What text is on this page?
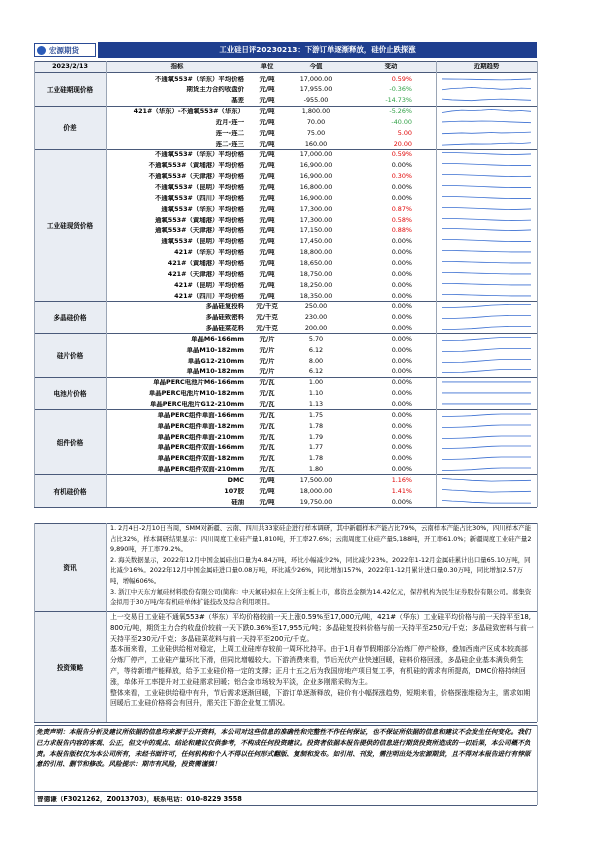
宏源期货	工业硅日评20230213：下游订单逐渐释放，硅价止跌探涨
2023/2/13	指标	单位	今值	变动	近期趋势
工业硅期现价格
不通氧553#（华东）平均价格	元/吨	17,000.00	0.59%
期货主力合约收盘价	元/吨	17,955.00	-0.36%
基差	元/吨	-955.00	-14.73%
价差
421#（华东）-不通氧553#（华东）	元/吨	1,800.00	-5.26%
近月-连一	元/吨	70.00	-40.00
连一-连二	元/吨	75.00	5.00
连二-连三	元/吨	160.00	20.00
工业硅现货价格
不通氧553#（华东）平均价格	元/吨	17,000.00	0.59%
不通氧553#（黄埔港）平均价格	元/吨	16,900.00	0.00%
不通氧553#（天津港）平均价格	元/吨	16,900.00	0.30%
不通氧553#（昆明）平均价格	元/吨	16,800.00	0.00%
不通氧553#（四川）平均价格	元/吨	16,900.00	0.00%
通氧553#（华东）平均价格	元/吨	17,300.00	0.87%
通氧553#（黄埔港）平均价格	元/吨	17,300.00	0.58%
通氧553#（天津港）平均价格	元/吨	17,150.00	0.88%
通氧553#（昆明）平均价格	元/吨	17,450.00	0.00%
421#（华东）平均价格	元/吨	18,800.00	0.00%
421#（黄埔港）平均价格	元/吨	18,650.00	0.00%
421#（天津港）平均价格	元/吨	18,750.00	0.00%
421#（昆明）平均价格	元/吨	18,250.00	0.00%
421#（四川）平均价格	元/吨	18,350.00	0.00%
多晶硅价格
多晶硅复投料	元/千克	250.00	0.00%
多晶硅致密料	元/千克	230.00	0.00%
多晶硅菜花料	元/千克	200.00	0.00%
硅片价格
单晶M6-166mm	元/片	5.70	0.00%
单晶M10-182mm	元/片	6.12	0.00%
单晶G12-210mm	元/片	8.00	0.00%
单晶M10-182mm	元/片	6.12	0.00%
电池片价格
单晶PERC电池片M6-166mm	元/瓦	1.00	0.00%
单晶PERC电池片M10-182mm	元/瓦	1.10	0.00%
单晶PERC电池片G12-210mm	元/瓦	1.13	0.00%
组件价格
单晶PERC组件单面-166mm	元/瓦	1.75	0.00%
单晶PERC组件单面-182mm	元/瓦	1.78	0.00%
单晶PERC组件单面-210mm	元/瓦	1.79	0.00%
单晶PERC组件双面-166mm	元/瓦	1.77	0.00%
单晶PERC组件双面-182mm	元/瓦	1.78	0.00%
单晶PERC组件双面-210mm	元/瓦	1.80	0.00%
有机硅价格
DMC	元/吨	17,500.00	1.16%
107胶	元/吨	18,000.00	1.41%
硅油	元/吨	19,750.00	0.00%
资讯
1. 2月4日-2月10日当周，SMM对新疆、云南、四川共33家硅企进行样本调研，其中新疆样本产能占比79%，云南样本产能占比30%，四川样本产能占比32%，样本调研结果显示：四川周度工业硅产量1,810吨，开工率27.6%；云南周度工业硅产量5,188吨，开工率61.0%；新疆周度工业硅产量29,890吨，开工率79.2%。
2. 海关数据显示，2022年12月中国金属硅出口量为4.84万吨，环比小幅减少2%，同比减少23%。2022年1-12月金属硅累计出口量65.10万吨，同比减少16%。2022年12月中国金属硅进口量0.08万吨，环比减少26%，同比增加157%，2022年1-12月累计进口量0.30万吨，同比增加2.57万吨，增幅606%。
3. 浙江中天东方氟硅材料股份有限公司(简称：中天氟硅)拟在上交所主板上市，募资总金额为14.42亿元，保荐机构为民生证券股份有限公司。募集资金拟用于30万吨/年有机硅单体扩能技改及综合利用项目。
投资策略
上一交易日工业硅不通氧553#（华东）平均价格较前一天上涨0.59%至17,000元/吨，421#（华东）工业硅平均价格与前一天持平至18,800元/吨，期货主力合约收盘价较前一天下跌0.36%至17,955元/吨；多晶硅复投料价格与前一天持平至250元/千克；多晶硅致密料与前一天持平至230元/千克；多晶硅菜花料与前一天持平至200元/千克。
基本面来看，工业硅供给相对稳定，上周工业硅库存较前一周环比持平。由于1月春节假期部分冶炼厂停产检修，叠加西南产区成本较高部分炼厂停产，工业硅产量环比下滑，但同比增幅较大。下游消费来看，节后光伏产业快速回暖，硅料价格回涨，多晶硅企业基本满负荷生产，等待新增产能释放，给予工业硅价格一定的支撑；正月十五之后为我国房地产项目复工季，有机硅的需求有所提高，DMC价格持续回涨，单体开工率提升对工业硅需求回暖；铝合金市场较为平淡，企业多刚需采购为主。
整体来看，工业硅供给稳中有升，节后需求逐渐回暖，下游订单逐渐释放，硅价有小幅探涨趋势，短期来看，价格探涨维稳为主，需求如期回暖后工业硅价格将会有回升，需关注下游企业复工情况。
免责声明：本报告分析及建议所依据的信息均来源于公开资料，本公司对这些信息的准确性和完整性不作任何保证，也不保证所依据的信息和建议不会发生任何变化。我们已力求报告内容的客观、公正，但文中的观点、结论和建议仅供参考，不构成任何投资建议。投资者依据本报告提供的信息进行期货投资所造成的一切后果，本公司概不负责。本报告版权仅为本公司所有，未经书面许可，任何机构和个人不得以任何形式翻版、复制和发布。如引用、刊发，需注明出处为宏源期货，且不得对本报告进行有悖原意的引用、删节和修改。风险提示：期市有风险，投资需谨慎！
曾德谦（F3021262，Z0013703），联系电话：010-8229 3558
